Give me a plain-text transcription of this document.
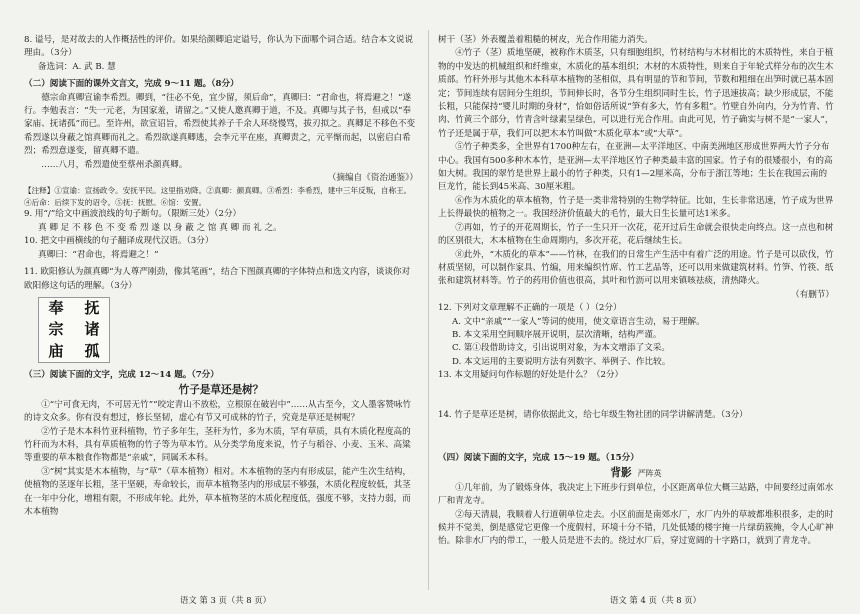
8. 谥号，是对故去的人作概括性的评价。如果给颜卿追定谥号，你认为下面哪个词合适。结合本文说说理由。（3分）

备选词：A. 武 B. 慧

（二）阅读下面的课外文言文，完成 9～11 题。（8分）

德宗命真卿宣谕李希烈。卿到，“往必不免，宜少留，须后命”，真卿曰：“君命也，将焉避之！”遂行。李勉表言：“失一元老，为国家羞，请留之。”又使人邀真卿于道，不及。真卿与其子书，但戒以“奉家庙、抚诸孤”而已。至许州，欲宣诏旨，希烈使其养子千余人环绕慢骂，拔刃拟之。真卿足不移色不变希烈遂以身蔽之馆真卿而礼之。希烈欲遂真卿逃，会李元平在座，真卿责之，元平惭而起，以密启白希烈；希烈意遂变，留真卿不遣。

……八月，希烈遣使至蔡州杀颜真卿。

（摘编自《资治通鉴》）

【注释】①宣谕：宣扬政令。安抚平民。这里指劝降。②真卿：颜真卿。③希烈：李希烈，建中三年反叛，自称王。④后命：后续下发的诏令。⑤抚：抚慰。⑥馆：安置。

9. 用“/”给文中画波浪线的句子断句。（限断三处）（2分）

真 卿 足 不 移 色 不 变 希 烈 遂 以 身 蔽 之 馆 真 卿 而 礼 之。

10. 把文中画横线的句子翻译成现代汉语。（3分）

真卿曰：“君命也，将焉避之！”

11. 欧阳修认为颜真卿“为人尊严刚劲，像其笔画”，结合下图颜真卿的字体特点和选文内容，谈谈你对欧阳修这句话的理解。（3分）

奉
宗
庙
抚
诸
孤

（三）阅读下面的文字，完成 12～14 题。（7分）

竹子是草还是树？

①“宁可食无肉，不可居无竹”“咬定青山不放松，立根原在破岩中”……从古至今，文人墨客赞咏竹的诗文众多。你有没有想过，修长坚韧，虚心有节又可成林的竹子，究竟是草还是树呢？

②竹子是木本科竹亚科植物，竹子多年生，茎秆为竹，多为木质，罕有草质，具有木质化程度高的竹秆而为木科，具有草质植物的竹子等为草本竹。从分类学角度来说，竹子与稻谷、小麦、玉米、高粱等重要的草本粮食作物都是“亲戚”，同属禾本科。

③“树”其实是木本植物，与“草”（草本植物）相对。木本植物的茎内有形成层，能产生次生结构，使植物的茎逐年长粗，茎干坚硬，寿命较长，而草本植物茎内的形成层不够强，木质化程度较低，其茎在一年中分化，增粗有限，不形成年轮。此外，草本植物茎的木质化程度低，强度不够，支持力弱，而木本植物

树干（茎）外表覆盖着粗糙的树皮，光合作用能力消失。

④竹子（茎）质地坚硬，被称作木质茎，只有细胞组织，竹材结构与木材相比的木质特性，来自于植物的中发达的机械组织和纤维束，木质化的基本组织；木材的木质特性，则来自于年轮式样分布的次生木质部。竹秆外形与其他木本科草本植物的茎相似，具有明显的节和节间，节数和粗细在出笋时就已基本固定；节间连续有居间分生组织，节间伸长时，各节分生组织同时生长，竹子迅速拔高；缺少形成层，不能长粗，只能保持“婴儿时期的身材”，恰如俗话所说“笋有多大，竹有多粗”。竹壁自外向内，分为竹青、竹肉、竹黄三个部分，竹青含叶绿素呈绿色，可以进行光合作用。由此可见，竹子确实与树不是“一家人”，竹子还是属于草，我们可以把木本竹叫做“木质化草本”或“大草”。

⑤竹子种类多，全世界有1700种左右，在亚洲—太平洋地区、中南美洲地区形成世界两大竹子分布中心。我国有500多种木本竹，是亚洲—太平洋地区竹子种类最丰富的国家。竹子有的很矮很小，有的高如大树。我国的翠竹是世界上最小的竹子种类，只有1—2厘米高，分布于浙江等地；生长在我国云南的巨龙竹，能长到45米高、30厘米粗。

⑥作为木质化的草本植物，竹子是一类非常特别的生物学特征。比如，生长非常迅速，竹子成为世界上长得最快的植物之一。我国经济价值最大的毛竹，最大日生长量可达1米多。

⑦再如，竹子的开花周期长，竹子一生只开一次花，花开过后生命就会很快走向终点。这一点也和树的区别很大，木本植物在生命周期内，多次开花，花后继续生长。

⑧此外，“木质化的草本”——竹林，在我们的日常生产生活中有着广泛的用途。竹子是可以砍伐，竹材质坚韧，可以制作家具、竹编，用来编织竹席、竹工艺品等，还可以用来做建筑材料。竹笋、竹筷、纸张和建筑材料等。竹子的药用价值也很高，其叶和竹沥可以用来镇咳祛痰，清热降火。

（有删节）

12. 下列对文章理解不正确的一项是（ ）（2分）

A. 文中“亲戚”“一家人”等词的使用，使文章语言生动，易于理解。

B. 本文采用空间顺序展开说明，层次清晰，结构严谨。

C. 第①段借助诗文，引出说明对象，为本文增添了文采。

D. 本文运用的主要说明方法有列数字、举例子、作比较。

13. 本文用疑问句作标题的好处是什么？（2分）

14. 竹子是草还是树，请你依据此文，给七年级生物社团的同学讲解清楚。（3分）

（四）阅读下面的文字，完成 15～19 题。（15分）

背影 严阵英

①几年前，为了锻炼身体，我决定上下班步行到单位，小区距离单位大概三站路，中间要经过南郊水厂和青龙寺。

②每天清晨，我顺着人行道朝单位走去。小区前面是南郊水厂，水厂内外的草坡都堆积很多，走的时候并不觉美，倒是感觉它更像一个度假村，环境十分不错，几处低矮的楼宇掩一片绿荫簇掩，令人心旷神怡。除非水厂内的带工，一般人员是进不去的。绕过水厂后，穿过宽阔的十字路口，就到了青龙寺。

语文 第 3 页（共 8 页）	语文 第 4 页（共 8 页）
